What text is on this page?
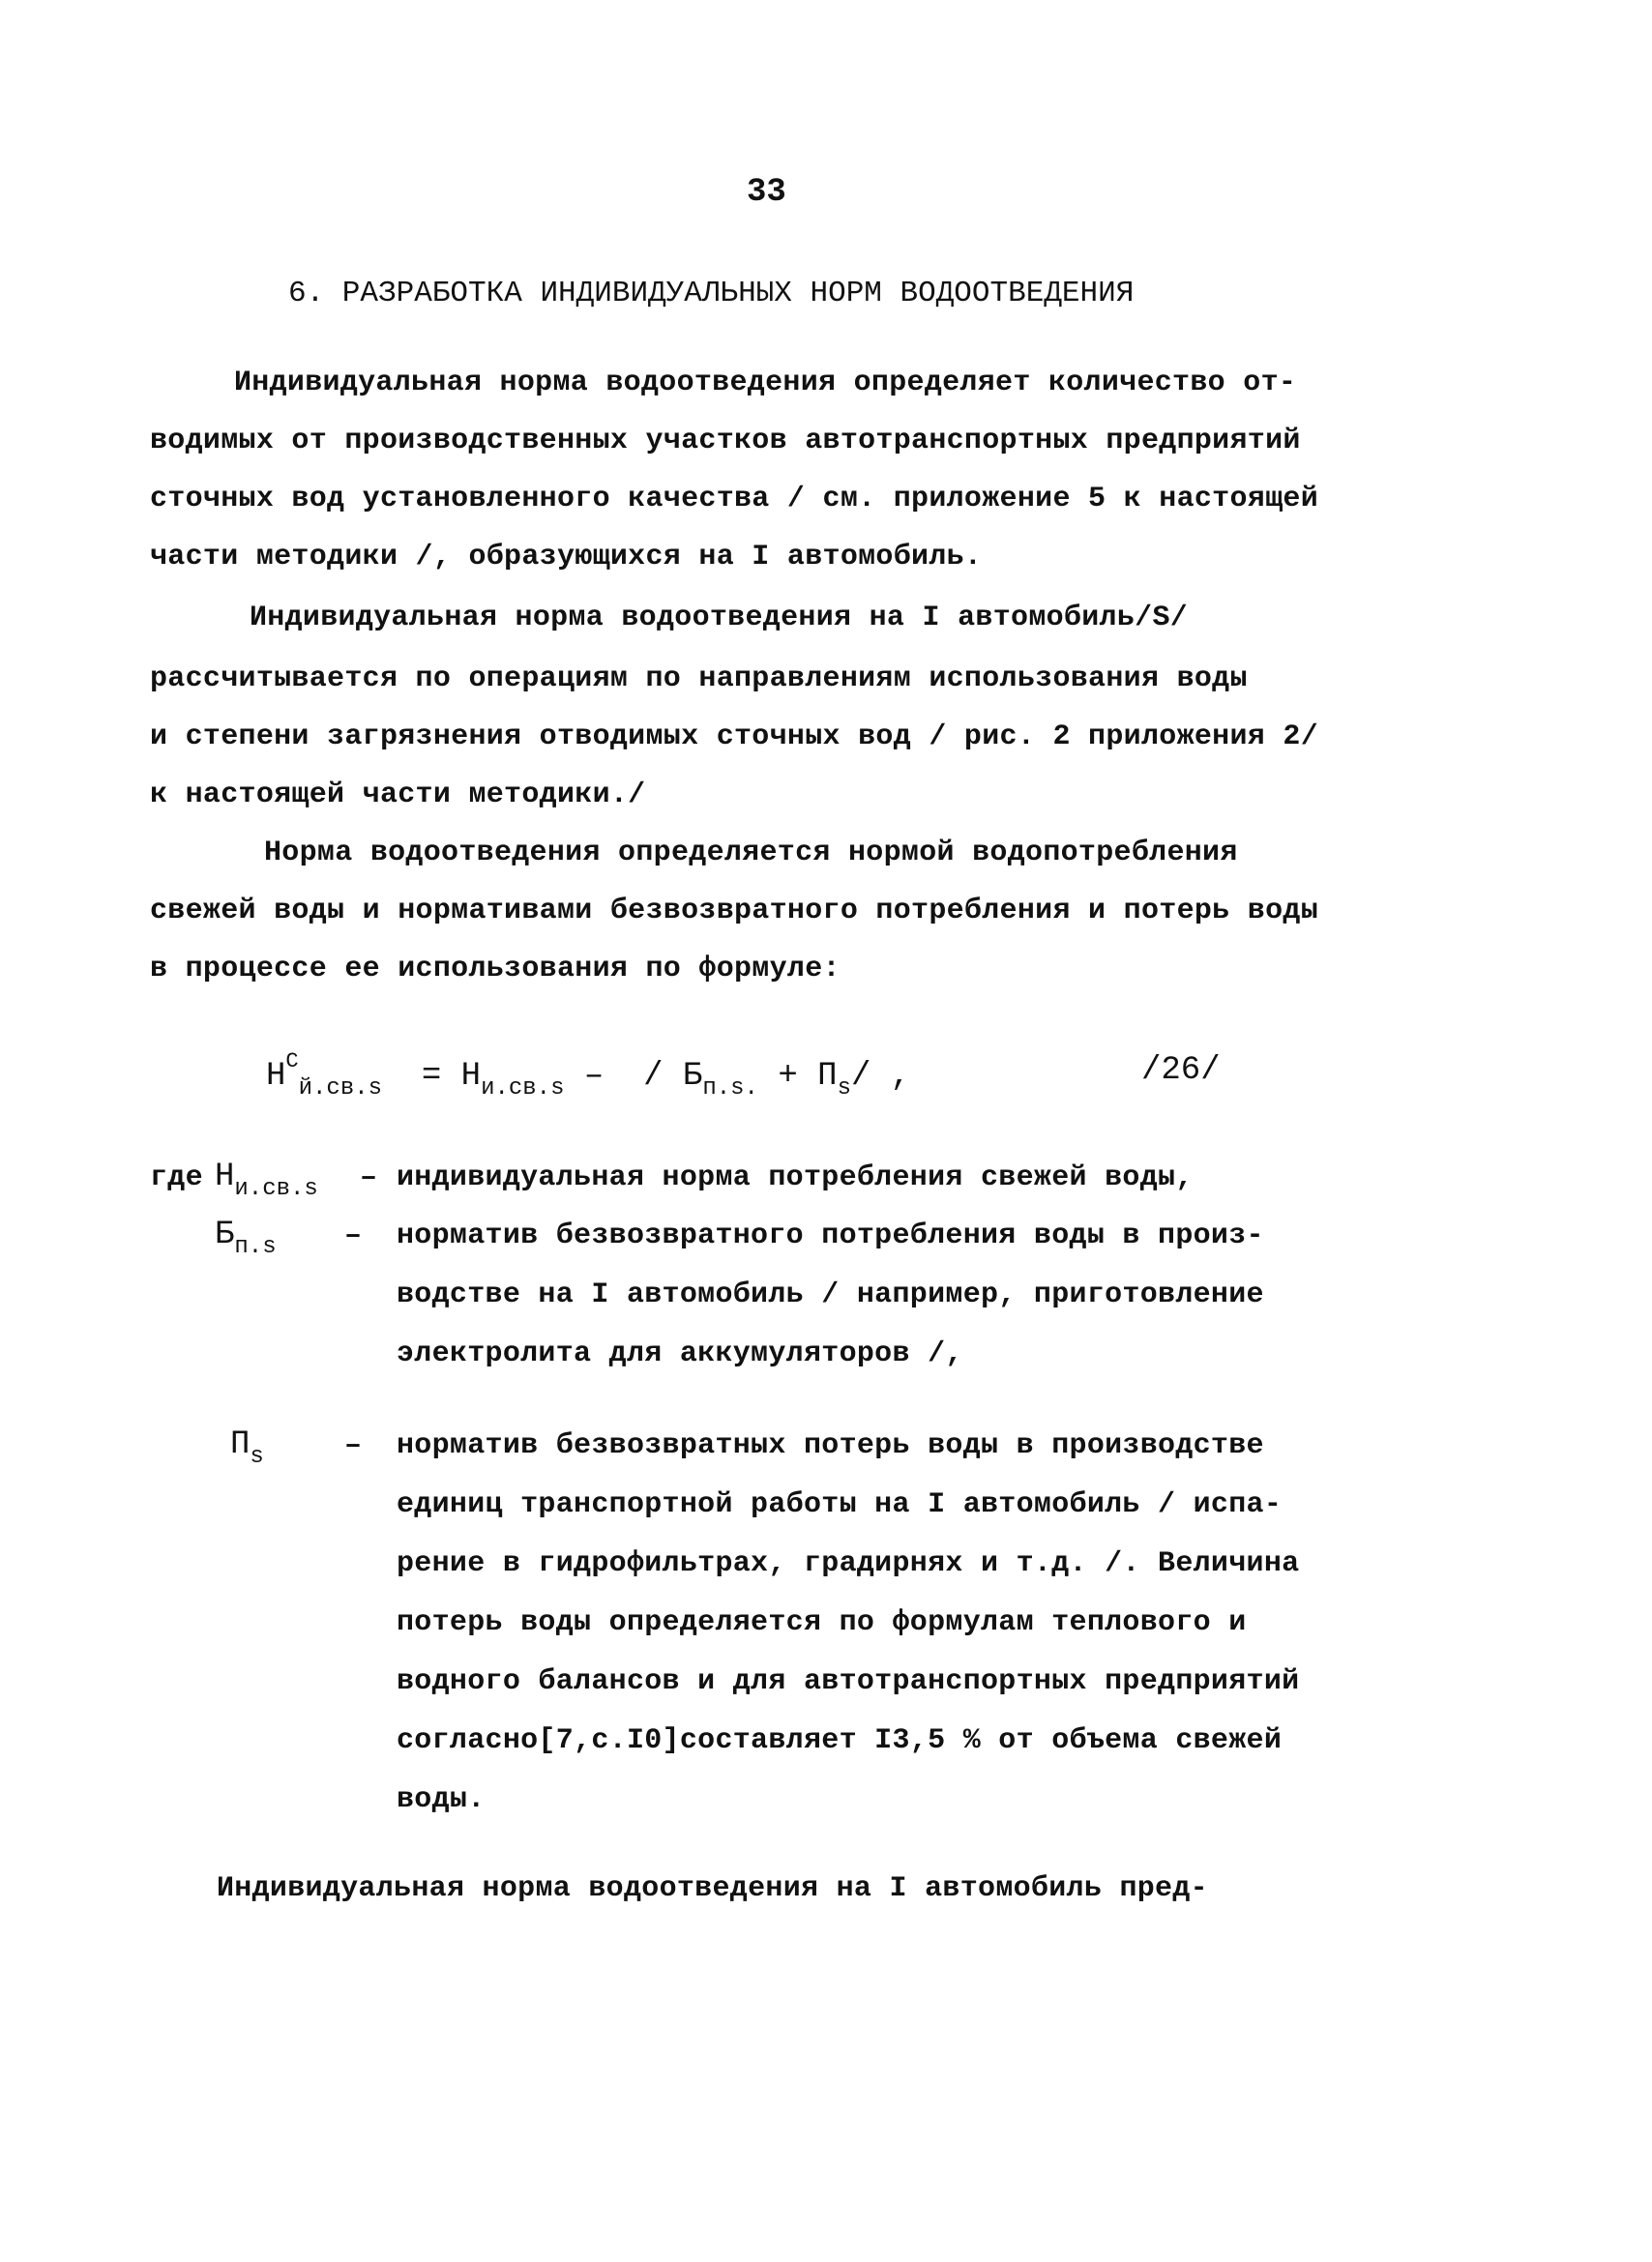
33
6. РАЗРАБОТКА ИНДИВИДУАЛЬНЫХ НОРМ ВОДООТВЕДЕНИЯ
Индивидуальная норма водоотведения определяет количество от-
водимых от производственных участков автотранспортных предприятий
сточных вод установленного качества / см. приложение 5 к настоящей
части методики /, образующихся на I автомобиль.
Индивидуальная норма водоотведения на I автомобиль/S/
рассчитывается по операциям по направлениям использования воды
и степени загрязнения отводимых сточных вод / рис. 2 приложения 2/
к настоящей части методики./
Норма водоотведения определяется нормой водопотребления
свежей воды и нормативами безвозвратного потребления и потерь воды
в процессе ее использования по формуле:
$Н^С_{й.св.s} = Н_{и.св.s}$ – / $Б_{п.s.} + П_s/$ ,	/26/
где $Н_{и.св.s}$ – индивидуальная норма потребления свежей воды,
$Б_{п.s}$ – норматив безвозвратного потребления воды в произ-
водстве на I автомобиль / например, приготовление
электролита для аккумуляторов /,
$П_s$	– норматив безвозвратных потерь воды в производстве
единиц транспортной работы на I автомобиль / испа-
рение в гидрофильтрах, градирнях и т.д. /. Величина
потерь воды определяется по формулам теплового и
водного балансов и для автотранспортных предприятий
согласно[7,с.I0]составляет I3,5 % от объема свежей
воды.
Индивидуальная норма водоотведения на I автомобиль пред-
